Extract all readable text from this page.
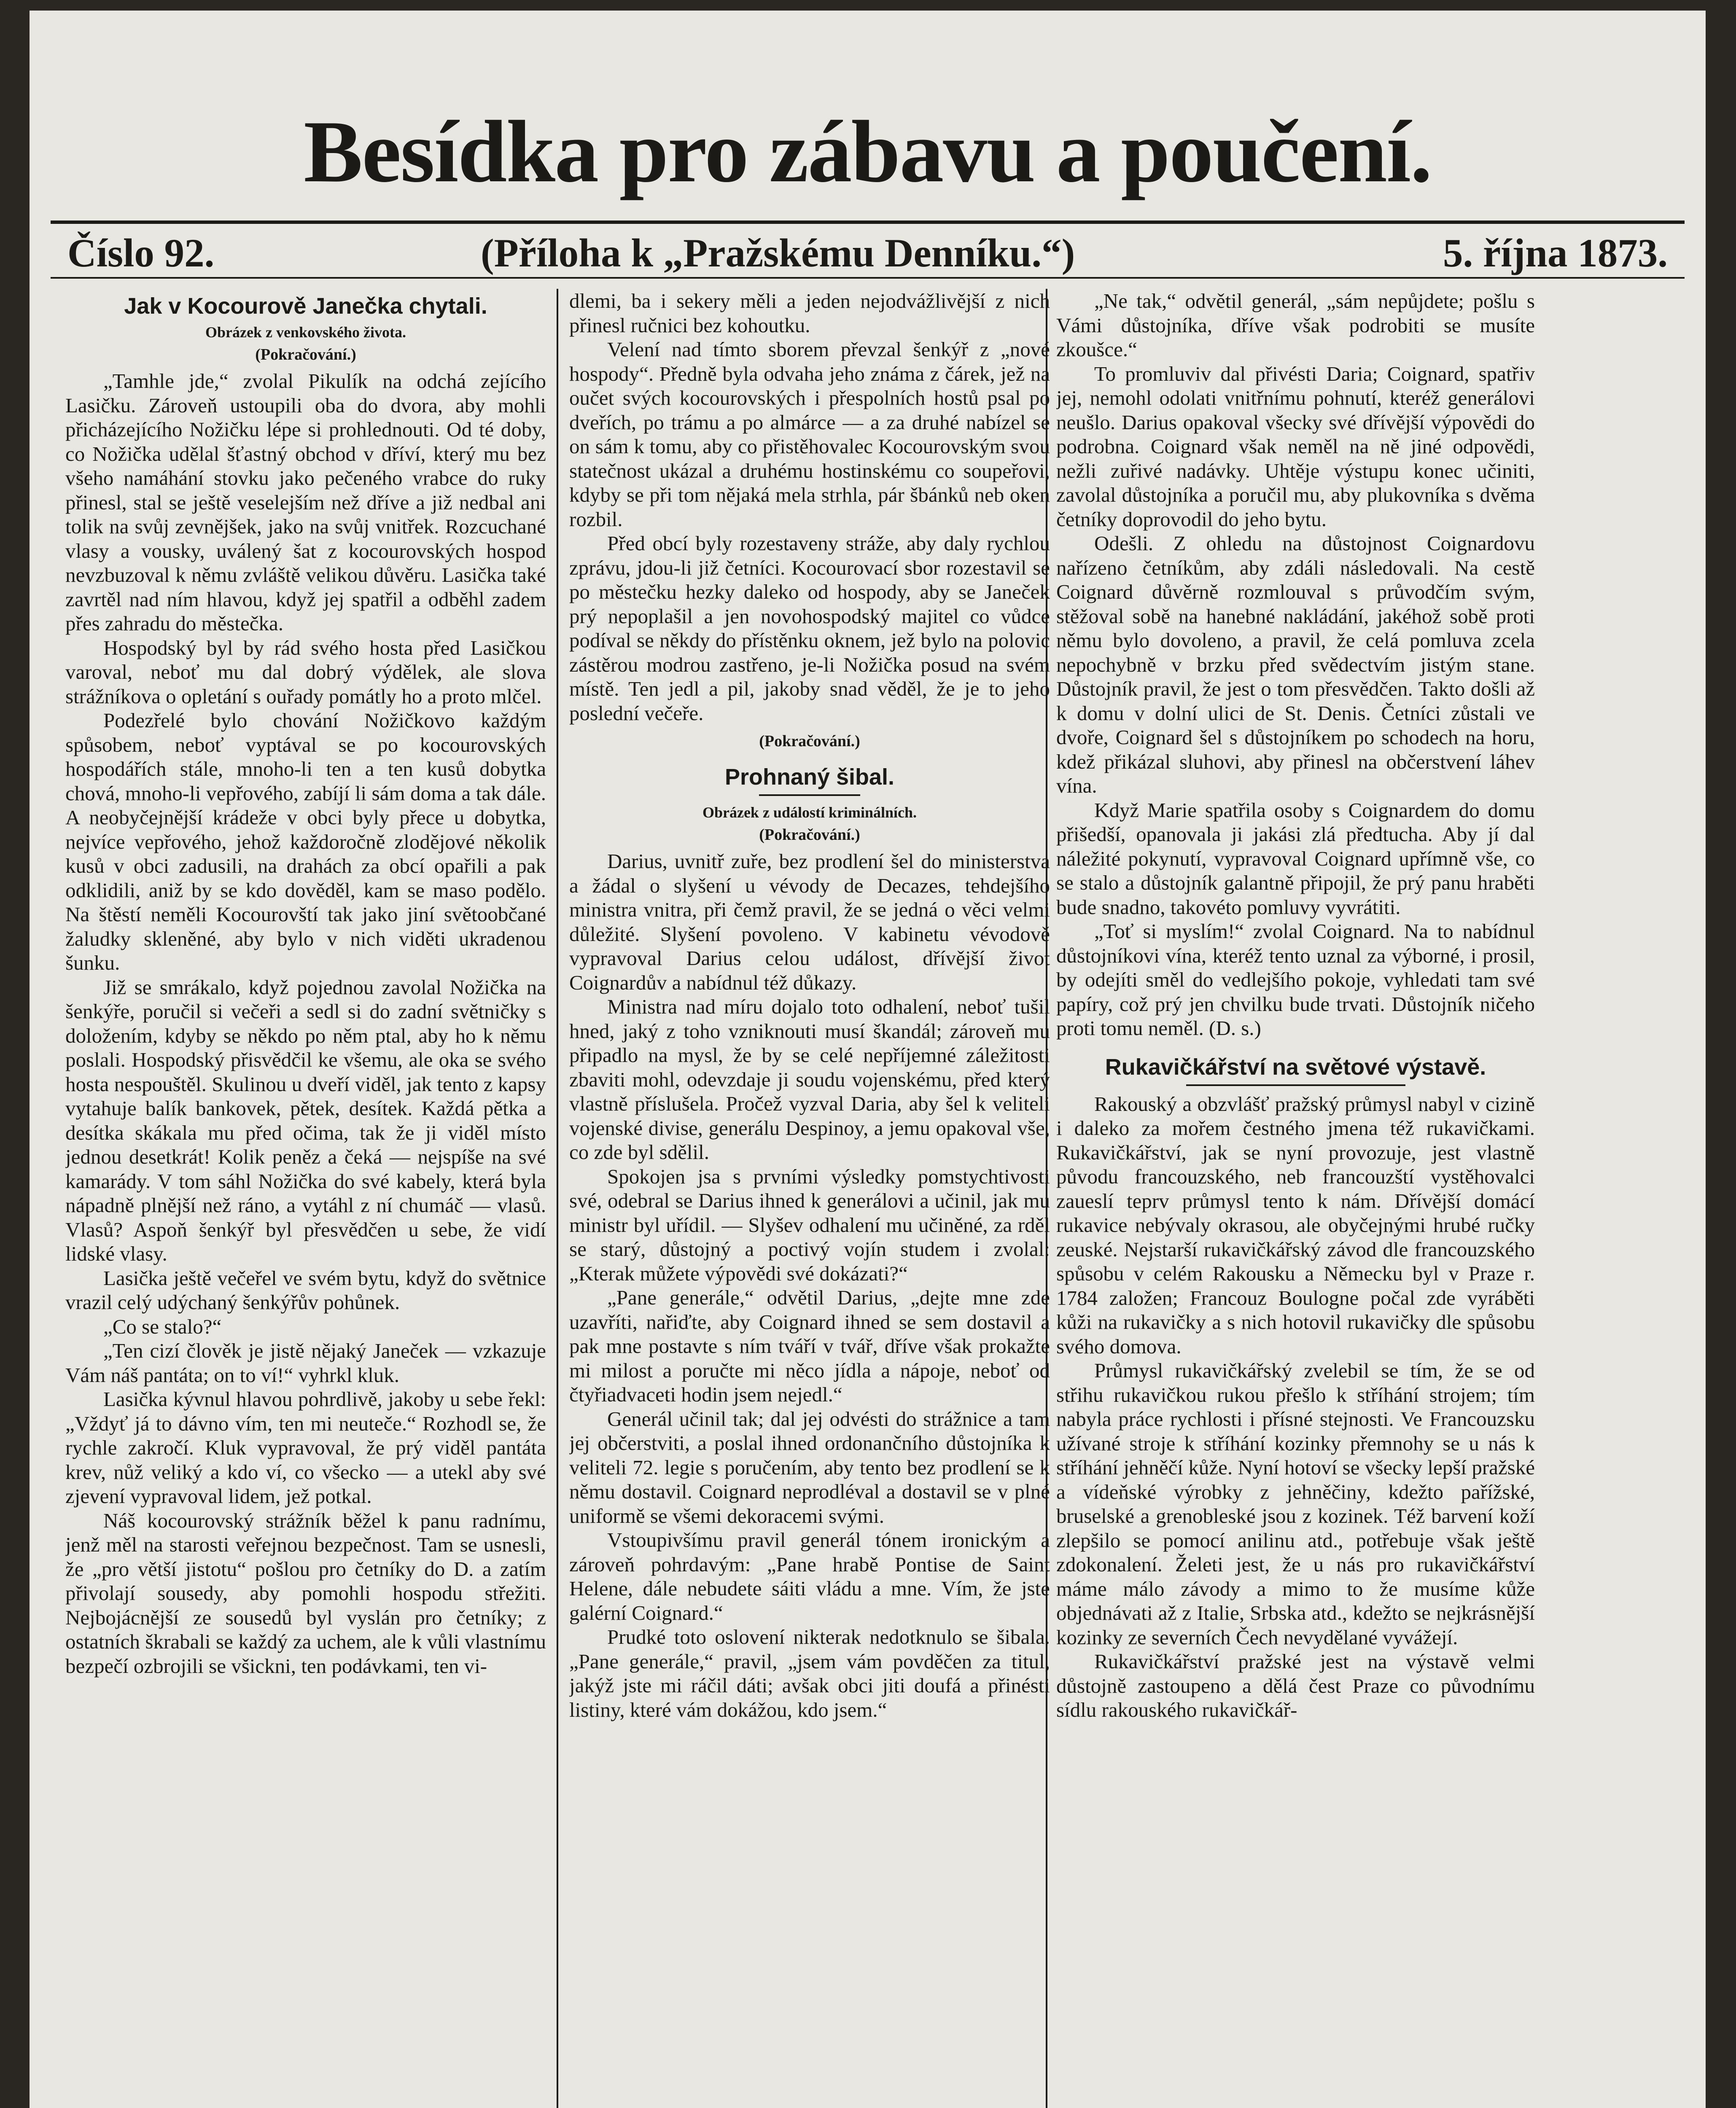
Besídka pro zábavu a poučení.
Číslo 92.	(Příloha k „Pražskému Denníku.“)	5. října 1873.
Jak v Kocourově Janečka chytali.
Obrázek z venkovského života.
(Pokračování.)

„Tamhle jde,“ zvolal Pikulík na odchá zejícího Lasičku. Zároveň ustoupili oba do dvora, aby mohli přicházejícího Nožičku lépe si prohlednouti. Od té doby, co Nožička udělal šťastný obchod v dříví, který mu bez všeho namáhání stovku jako pečeného vrabce do ruky přinesl, stal se ještě veselejším než dříve a již nedbal ani tolik na svůj zevnějšek, jako na svůj vnitřek. Rozcuchané vlasy a vousky, uválený šat z kocourovských hospod nevzbuzoval k němu zvláště velikou důvěru. Lasička také zavrtěl nad ním hlavou, když jej spatřil a odběhl zadem přes zahradu do městečka.

Hospodský byl by rád svého hosta před Lasičkou varoval, neboť mu dal dobrý výdělek, ale slova strážníkova o opletání s ouřady pomátly ho a proto mlčel.

Podezřelé bylo chování Nožičkovo každým spůsobem, neboť vyptával se po kocourovských hospodářích stále, mnoho-li ten a ten kusů dobytka chová, mnoho-li vepřového, zabíjí li sám doma a tak dále. A neobyčejnější krádeže v obci byly přece u dobytka, nejvíce vepřového, jehož každoročně zlodějové několik kusů v obci zadusili, na drahách za obcí opařili a pak odklidili, aniž by se kdo dověděl, kam se maso podělo. Na štěstí neměli Kocourovští tak jako jiní světoobčané žaludky skleněné, aby bylo v nich viděti ukradenou šunku.

Již se smrákalo, když pojednou zavolal Nožička na šenkýře, poručil si večeři a sedl si do zadní světničky s doložením, kdyby se někdo po něm ptal, aby ho k němu poslali. Hospodský přisvědčil ke všemu, ale oka se svého hosta nespouštěl. Skulinou u dveří viděl, jak tento z kapsy vytahuje balík bankovek, pětek, desítek. Každá pětka a desítka skákala mu před očima, tak že ji viděl místo jednou desetkrát! Kolik peněz a čeká — nejspíše na své kamarády. V tom sáhl Nožička do své kabely, která byla nápadně plnější než ráno, a vytáhl z ní chumáč — vlasů. Vlasů? Aspoň šenkýř byl přesvědčen u sebe, že vidí lidské vlasy.

Lasička ještě večeřel ve svém bytu, když do světnice vrazil celý udýchaný šenkýřův pohůnek.

„Co se stalo?“

„Ten cizí člověk je jistě nějaký Janeček — vzkazuje Vám náš pantáta; on to ví!“ vyhrkl kluk.

Lasička kývnul hlavou pohrdlivě, jakoby u sebe řekl: „Vždyť já to dávno vím, ten mi neuteče.“ Rozhodl se, že rychle zakročí. Kluk vypravoval, že prý viděl pantáta krev, nůž veliký a kdo ví, co všecko — a utekl aby své zjevení vypravoval lidem, jež potkal.

Náš kocourovský strážník běžel k panu radnímu, jenž měl na starosti veřejnou bezpečnost. Tam se usnesli, že „pro větší jistotu“ pošlou pro četníky do D. a zatím přivolají sousedy, aby pomohli hospodu střežiti. Nejbojácnější ze sousedů byl vyslán pro četníky; z ostatních škrabali se každý za uchem, ale k vůli vlastnímu bezpečí ozbrojili se všickni, ten podávkami, ten vi-

dlemi, ba i sekery měli a jeden nejodvážlivější z nich přinesl ručnici bez kohoutku.

Velení nad tímto sborem převzal šenkýř z „nové hospody“. Předně byla odvaha jeho známa z čárek, jež na oučet svých kocourovských i přespolních hostů psal po dveřích, po trámu a po almárce — a za druhé nabízel se on sám k tomu, aby co přistěhovalec Kocourovským svou statečnost ukázal a druhému hostinskému co soupeřovi, kdyby se při tom nějaká mela strhla, pár šbánků neb oken rozbil.

Před obcí byly rozestaveny stráže, aby daly rychlou zprávu, jdou-li již četníci. Kocourovací sbor rozestavil se po městečku hezky daleko od hospody, aby se Janeček prý nepoplašil a jen novohospodský majitel co vůdce podíval se někdy do přístěnku oknem, jež bylo na polovic zástěrou modrou zastřeno, je-li Nožička posud na svém místě. Ten jedl a pil, jakoby snad věděl, že je to jeho poslední večeře.

(Pokračování.)
Prohnaný šibal.
Obrázek z událostí kriminálních.
(Pokračování.)

Darius, uvnitř zuře, bez prodlení šel do ministerstva a žádal o slyšení u vévody de Decazes, tehdejšího ministra vnitra, při čemž pravil, že se jedná o věci velmi důležité. Slyšení povoleno. V kabinetu vévodově vypravoval Darius celou událost, dřívější život Coignardův a nabídnul též důkazy.

Ministra nad míru dojalo toto odhalení, neboť tušil hned, jaký z toho vzniknouti musí škandál; zároveň mu připadlo na mysl, že by se celé nepříjemné záležitosti zbaviti mohl, odevzdaje ji soudu vojenskému, před který vlastně příslušela. Pročež vyzval Daria, aby šel k veliteli vojenské divise, generálu Despinoy, a jemu opakoval vše, co zde byl sdělil.

Spokojen jsa s prvními výsledky pomstychtivosti své, odebral se Darius ihned k generálovi a učinil, jak mu ministr byl uřídil. — Slyšev odhalení mu učiněné, za rděl se starý, důstojný a poctivý vojín studem i zvolal: „Kterak můžete výpovědi své dokázati?“

„Pane generále,“ odvětil Darius, „dejte mne zde uzavříti, nařiďte, aby Coignard ihned se sem dostavil a pak mne postavte s ním tváří v tvář, dříve však prokažte mi milost a poručte mi něco jídla a nápoje, neboť od čtyřiadvaceti hodin jsem nejedl.“

Generál učinil tak; dal jej odvésti do strážnice a tam jej občerstviti, a poslal ihned ordonančního důstojníka k veliteli 72. legie s poručením, aby tento bez prodlení se k němu dostavil. Coignard neprodléval a dostavil se v plné uniformě se všemi dekoracemi svými.

Vstoupivšímu pravil generál tónem ironickým a zároveň pohrdavým: „Pane hrabě Pontise de Saint Helene, dále nebudete sáiti vládu a mne. Vím, že jste galérní Coignard.“

Prudké toto oslovení nikterak nedotknulo se šibala. „Pane generále,“ pravil, „jsem vám povděčen za titul, jakýž jste mi ráčil dáti; avšak obci jiti doufá a přinésti listiny, které vám dokážou, kdo jsem.“

„Ne tak,“ odvětil generál, „sám nepůjdete; pošlu s Vámi důstojníka, dříve však podrobiti se musíte zkoušce.“

To promluviv dal přivésti Daria; Coignard, spatřiv jej, nemohl odolati vnitřnímu pohnutí, kteréž generálovi neušlo. Darius opakoval všecky své dřívější výpovědi do podrobna. Coignard však neměl na ně jiné odpovědi, nežli zuřivé nadávky. Uhtěje výstupu konec učiniti, zavolal důstojníka a poručil mu, aby plukovníka s dvěma četníky doprovodil do jeho bytu.

Odešli. Z ohledu na důstojnost Coignardovu nařízeno četníkům, aby zdáli následovali. Na cestě Coignard důvěrně rozmlouval s průvodčím svým, stěžoval sobě na hanebné nakládání, jakéhož sobě proti němu bylo dovoleno, a pravil, že celá pomluva zcela nepochybně v brzku před svědectvím jistým stane. Důstojník pravil, že jest o tom přesvědčen. Takto došli až k domu v dolní ulici de St. Denis. Četníci zůstali ve dvoře, Coignard šel s důstojníkem po schodech na horu, kdež přikázal sluhovi, aby přinesl na občerstvení láhev vína.

Když Marie spatřila osoby s Coignardem do domu přišedší, opanovala ji jakási zlá předtucha. Aby jí dal náležité pokynutí, vypravoval Coignard upřímně vše, co se stalo a důstojník galantně připojil, že prý panu hraběti bude snadno, takovéto pomluvy vyvrátiti.

„Toť si myslím!“ zvolal Coignard. Na to nabídnul důstojníkovi vína, kteréž tento uznal za výborné, i prosil, by odejíti směl do vedlejšího pokoje, vyhledati tam své papíry, což prý jen chvilku bude trvati. Důstojník ničeho proti tomu neměl. (D. s.)

Rukavičkářství na světové výstavě.

Rakouský a obzvlášť pražský průmysl nabyl v cizině i daleko za mořem čestného jmena též rukavičkami. Rukavičkářství, jak se nyní provozuje, jest vlastně původu francouzského, neb francouzští vystěhovalci zaueslí teprv průmysl tento k nám. Dřívější domácí rukavice nebývaly okrasou, ale obyčejnými hrubé ručky zeuské. Nejstarší rukavičkářský závod dle francouzského spůsobu v celém Rakousku a Německu byl v Praze r. 1784 založen; Francouz Boulogne počal zde vyráběti kůži na rukavičky a s nich hotovil rukavičky dle spůsobu svého domova.

Průmysl rukavičkářský zvelebil se tím, že se od střihu rukavičkou rukou přešlo k stříhání strojem; tím nabyla práce rychlosti i přísné stejnosti. Ve Francouzsku užívané stroje k stříhání kozinky přemnohy se u nás k stříhání jehněčí kůže. Nyní hotoví se všecky lepší pražské a vídeňské výrobky z jehněčiny, kdežto pařížské, bruselské a grenobleské jsou z kozinek. Též barvení koží zlepšilo se pomocí anilinu atd., potřebuje však ještě zdokonalení. Želeti jest, že u nás pro rukavičkářství máme málo závody a mimo to že musíme kůže objednávati až z Italie, Srbska atd., kdežto se nejkrásnější kozinky ze severních Čech nevydělané vyvážejí.

Rukavičkářství pražské jest na výstavě velmi důstojně zastoupeno a dělá čest Praze co původnímu sídlu rakouského rukavičkář-
